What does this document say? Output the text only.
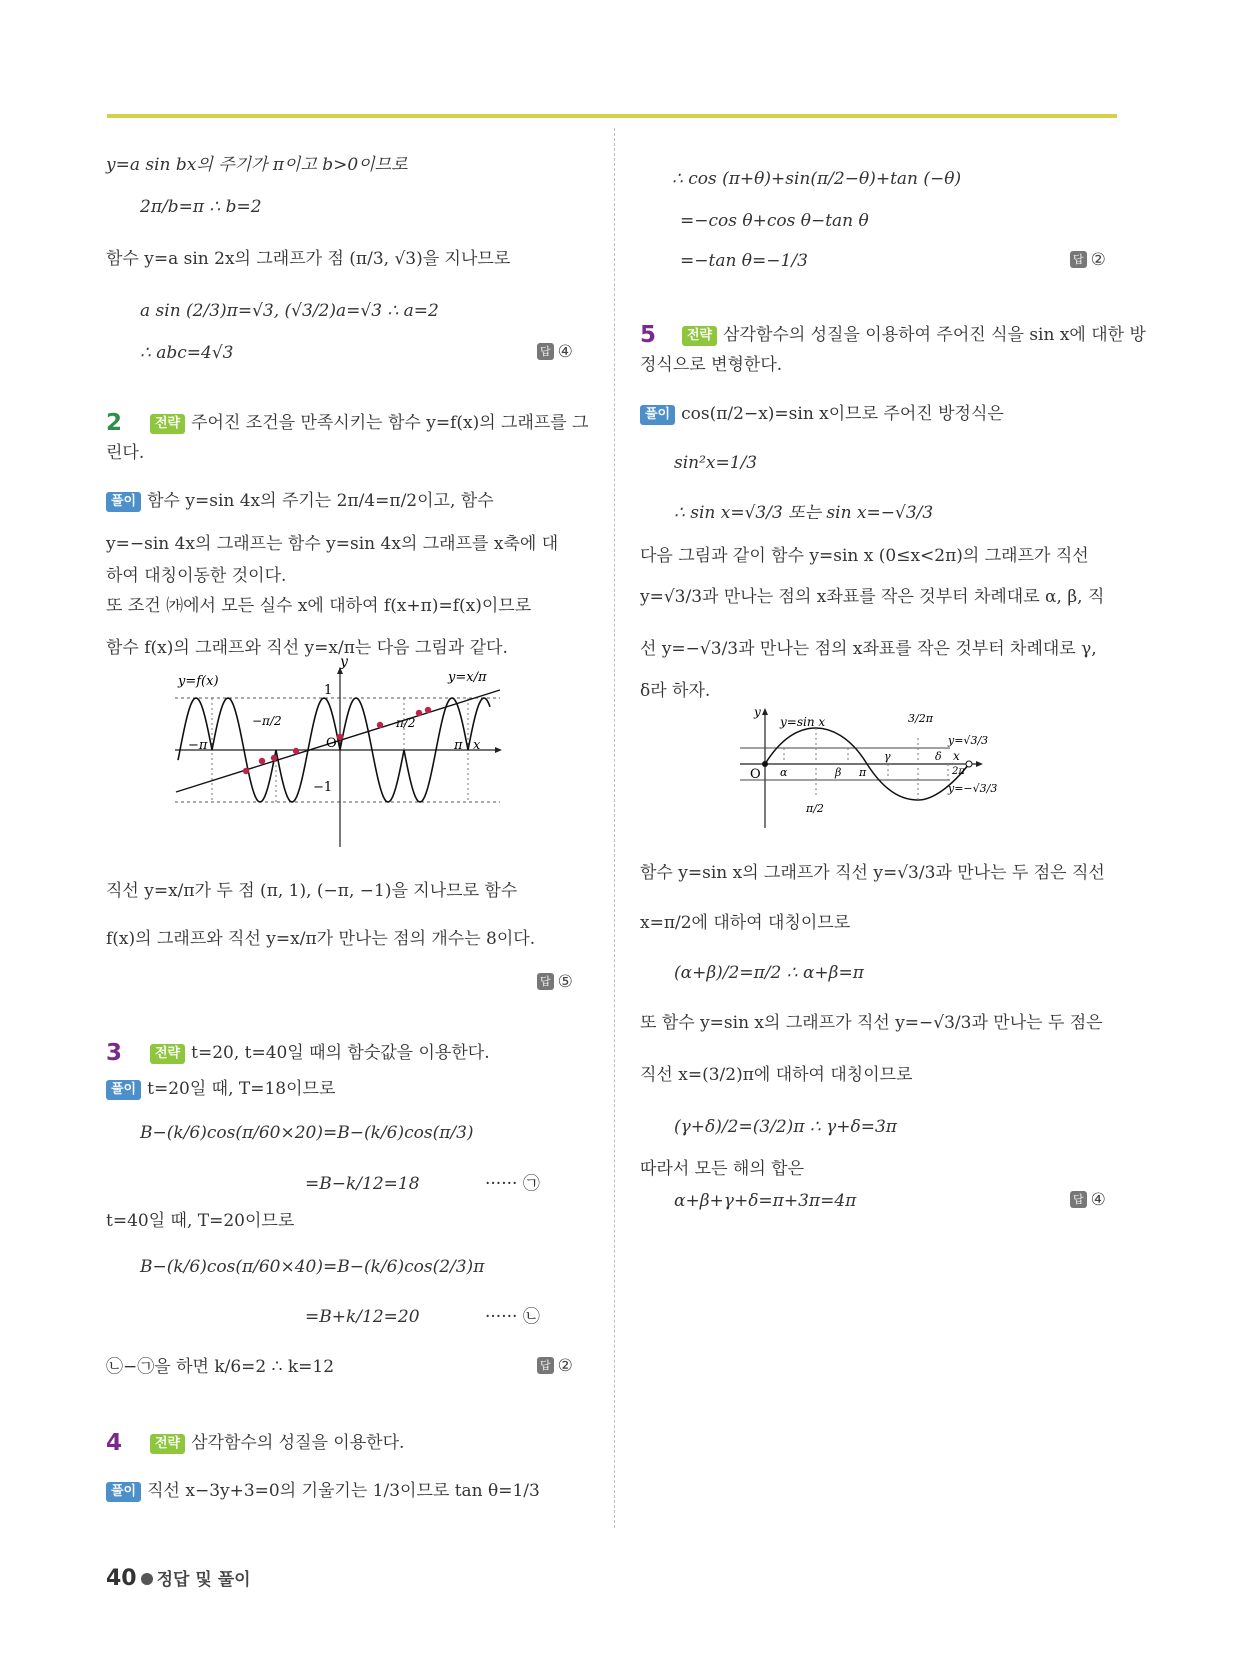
y=a sin bx의 주기가 π이고 b>0이므로
2π/b=π ∴ b=2
함수 y=a sin 2x의 그래프가 점 (π/3, √3)을 지나므로
a sin (2/3)π=√3, (√3/2)a=√3 ∴ a=2
∴ abc=4√3	답 ④
2	전략 주어진 조건을 만족시키는 함수 y=f(x)의 그래프를 그
린다.
풀이 함수 y=sin 4x의 주기는 2π/4=π/2이고, 함수
y=−sin 4x의 그래프는 함수 y=sin 4x의 그래프를 x축에 대
하여 대칭이동한 것이다.
또 조건 ㈎에서 모든 실수 x에 대하여 f(x+π)=f(x)이므로
함수 f(x)의 그래프와 직선 y=x/π는 다음 그림과 같다.
y
x
O
1
−1
−π	π
−π/2	π/2
y=f(x)	y=x/π
직선 y=x/π가 두 점 (π, 1), (−π, −1)을 지나므로 함수
f(x)의 그래프와 직선 y=x/π가 만나는 점의 개수는 8이다.
답 ⑤
3	전략 t=20, t=40일 때의 함숫값을 이용한다.
풀이 t=20일 때, T=18이므로
B−(k/6)cos(π/60×20)=B−(k/6)cos(π/3)
=B−k/12=18	······ ㉠
t=40일 때, T=20이므로
B−(k/6)cos(π/60×40)=B−(k/6)cos(2/3)π
=B+k/12=20	······ ㉡
㉡−㉠을 하면 k/6=2 ∴ k=12	답 ②
4	전략 삼각함수의 성질을 이용한다.
풀이 직선 x−3y+3=0의 기울기는 1/3이므로 tan θ=1/3
∴ cos (π+θ)+sin(π/2−θ)+tan (−θ)
=−cos θ+cos θ−tan θ
=−tan θ=−1/3	답 ②
5	전략 삼각함수의 성질을 이용하여 주어진 식을 sin x에 대한 방
정식으로 변형한다.
풀이 cos(π/2−x)=sin x이므로 주어진 방정식은
sin²x=1/3
∴ sin x=√3/3 또는 sin x=−√3/3
다음 그림과 같이 함수 y=sin x (0≤x<2π)의 그래프가 직선
y=√3/3과 만나는 점의 x좌표를 작은 것부터 차례대로 α, β, 직
선 y=−√3/3과 만나는 점의 x좌표를 작은 것부터 차례대로 γ,
δ라 하자.
y
x
O
y=sin x	3/2π
y=√3/3
y=−√3/3
α	β π
γ	δ
2π
π/2
함수 y=sin x의 그래프가 직선 y=√3/3과 만나는 두 점은 직선
x=π/2에 대하여 대칭이므로
(α+β)/2=π/2 ∴ α+β=π
또 함수 y=sin x의 그래프가 직선 y=−√3/3과 만나는 두 점은
직선 x=(3/2)π에 대하여 대칭이므로
(γ+δ)/2=(3/2)π ∴ γ+δ=3π
따라서 모든 해의 합은
α+β+γ+δ=π+3π=4π	답 ④
40 정답 및 풀이
